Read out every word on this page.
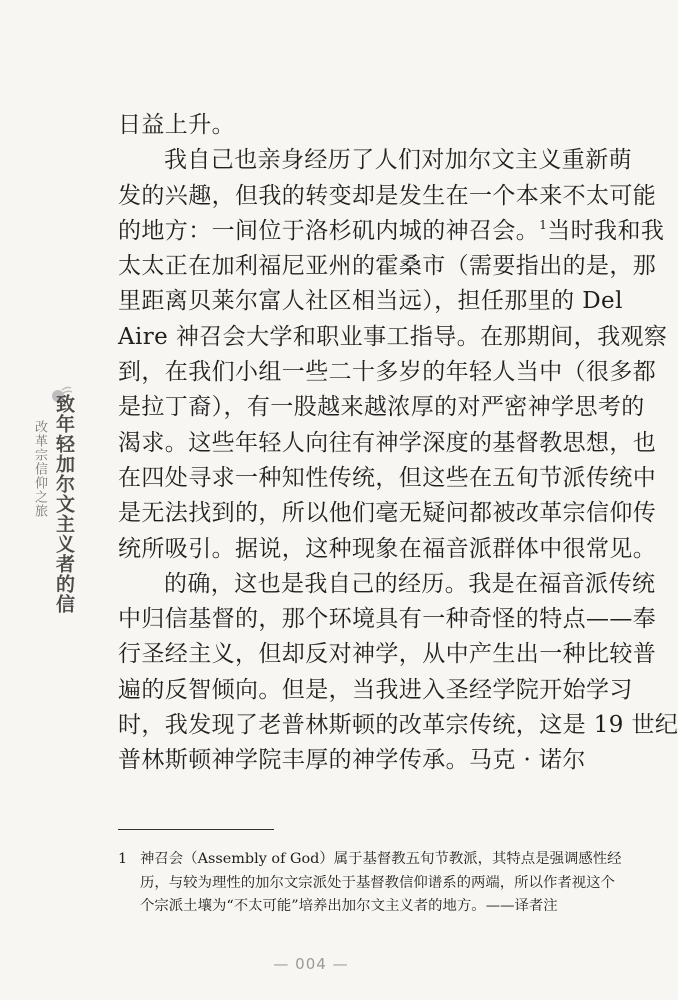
致年轻加尔文主义者的信
改革宗信仰之旅
日益上升。
我自己也亲身经历了人们对加尔文主义重新萌
发的兴趣，但我的转变却是发生在一个本来不太可能
的地方：一间位于洛杉矶内城的神召会。$^1$当时我和我
太太正在加利福尼亚州的霍桑市（需要指出的是，那
里距离贝莱尔富人社区相当远），担任那里的 Del
Aire 神召会大学和职业事工指导。在那期间，我观察
到，在我们小组一些二十多岁的年轻人当中（很多都
是拉丁裔），有一股越来越浓厚的对严密神学思考的
渴求。这些年轻人向往有神学深度的基督教思想，也
在四处寻求一种知性传统，但这些在五旬节派传统中
是无法找到的，所以他们毫无疑问都被改革宗信仰传
统所吸引。据说，这种现象在福音派群体中很常见。
的确，这也是我自己的经历。我是在福音派传统
中归信基督的，那个环境具有一种奇怪的特点——奉
行圣经主义，但却反对神学，从中产生出一种比较普
遍的反智倾向。但是，当我进入圣经学院开始学习
时，我发现了老普林斯顿的改革宗传统，这是 19 世纪
普林斯顿神学院丰厚的神学传承。马克 · 诺尔
1 神召会（Assembly of God）属于基督教五旬节教派，其特点是强调感性经
历，与较为理性的加尔文宗派处于基督教信仰谱系的两端，所以作者视这个
个宗派土壤为“不太可能”培养出加尔文主义者的地方。——译者注
— 004 —
